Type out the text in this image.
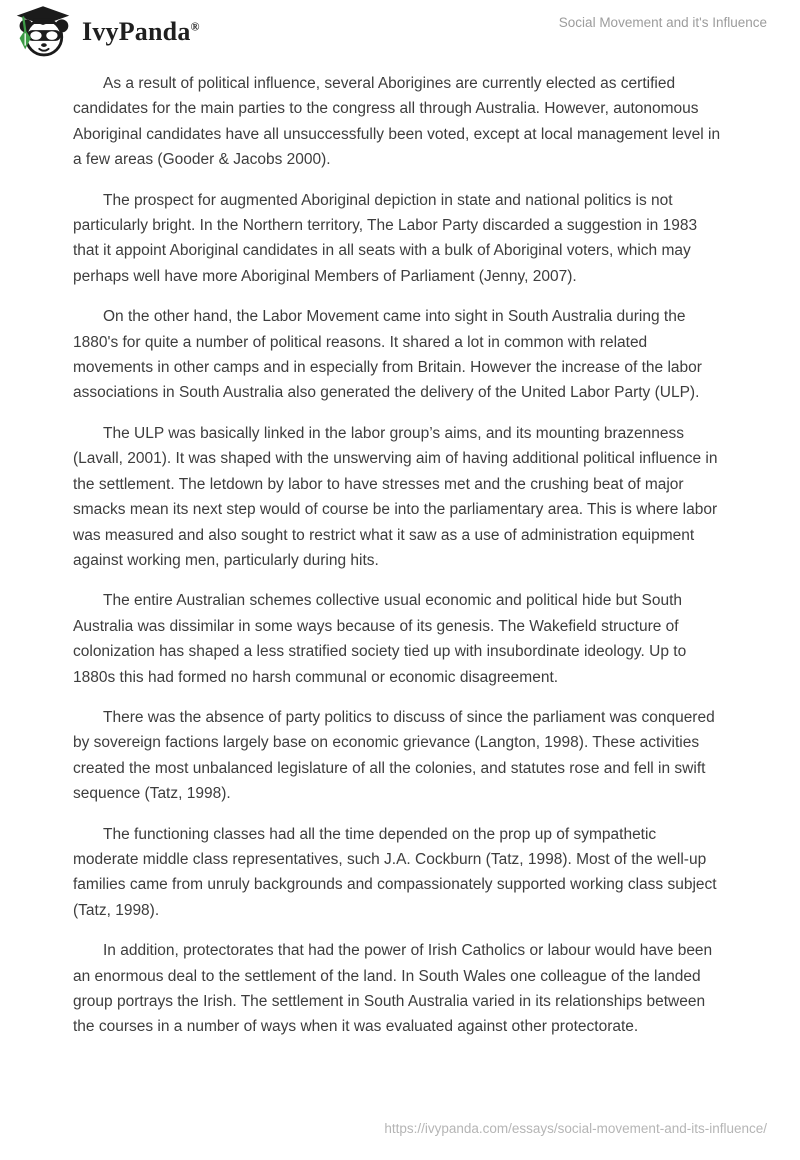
IvyPanda®	Social Movement and it's Influence

As a result of political influence, several Aborigines are currently elected as certified candidates for the main parties to the congress all through Australia. However, autonomous Aboriginal candidates have all unsuccessfully been voted, except at local management level in a few areas (Gooder & Jacobs 2000).

The prospect for augmented Aboriginal depiction in state and national politics is not particularly bright. In the Northern territory, The Labor Party discarded a suggestion in 1983 that it appoint Aboriginal candidates in all seats with a bulk of Aboriginal voters, which may perhaps well have more Aboriginal Members of Parliament (Jenny, 2007).

On the other hand, the Labor Movement came into sight in South Australia during the 1880's for quite a number of political reasons. It shared a lot in common with related movements in other camps and in especially from Britain. However the increase of the labor associations in South Australia also generated the delivery of the United Labor Party (ULP).

The ULP was basically linked in the labor group’s aims, and its mounting brazenness (Lavall, 2001). It was shaped with the unswerving aim of having additional political influence in the settlement. The letdown by labor to have stresses met and the crushing beat of major smacks mean its next step would of course be into the parliamentary area. This is where labor was measured and also sought to restrict what it saw as a use of administration equipment against working men, particularly during hits.

The entire Australian schemes collective usual economic and political hide but South Australia was dissimilar in some ways because of its genesis. The Wakefield structure of colonization has shaped a less stratified society tied up with insubordinate ideology. Up to 1880s this had formed no harsh communal or economic disagreement.

There was the absence of party politics to discuss of since the parliament was conquered by sovereign factions largely base on economic grievance (Langton, 1998). These activities created the most unbalanced legislature of all the colonies, and statutes rose and fell in swift sequence (Tatz, 1998).

The functioning classes had all the time depended on the prop up of sympathetic moderate middle class representatives, such J.A. Cockburn (Tatz, 1998). Most of the well-up families came from unruly backgrounds and compassionately supported working class subject (Tatz, 1998).

In addition, protectorates that had the power of Irish Catholics or labour would have been an enormous deal to the settlement of the land. In South Wales one colleague of the landed group portrays the Irish. The settlement in South Australia varied in its relationships between the courses in a number of ways when it was evaluated against other protectorate.

https://ivypanda.com/essays/social-movement-and-its-influence/
